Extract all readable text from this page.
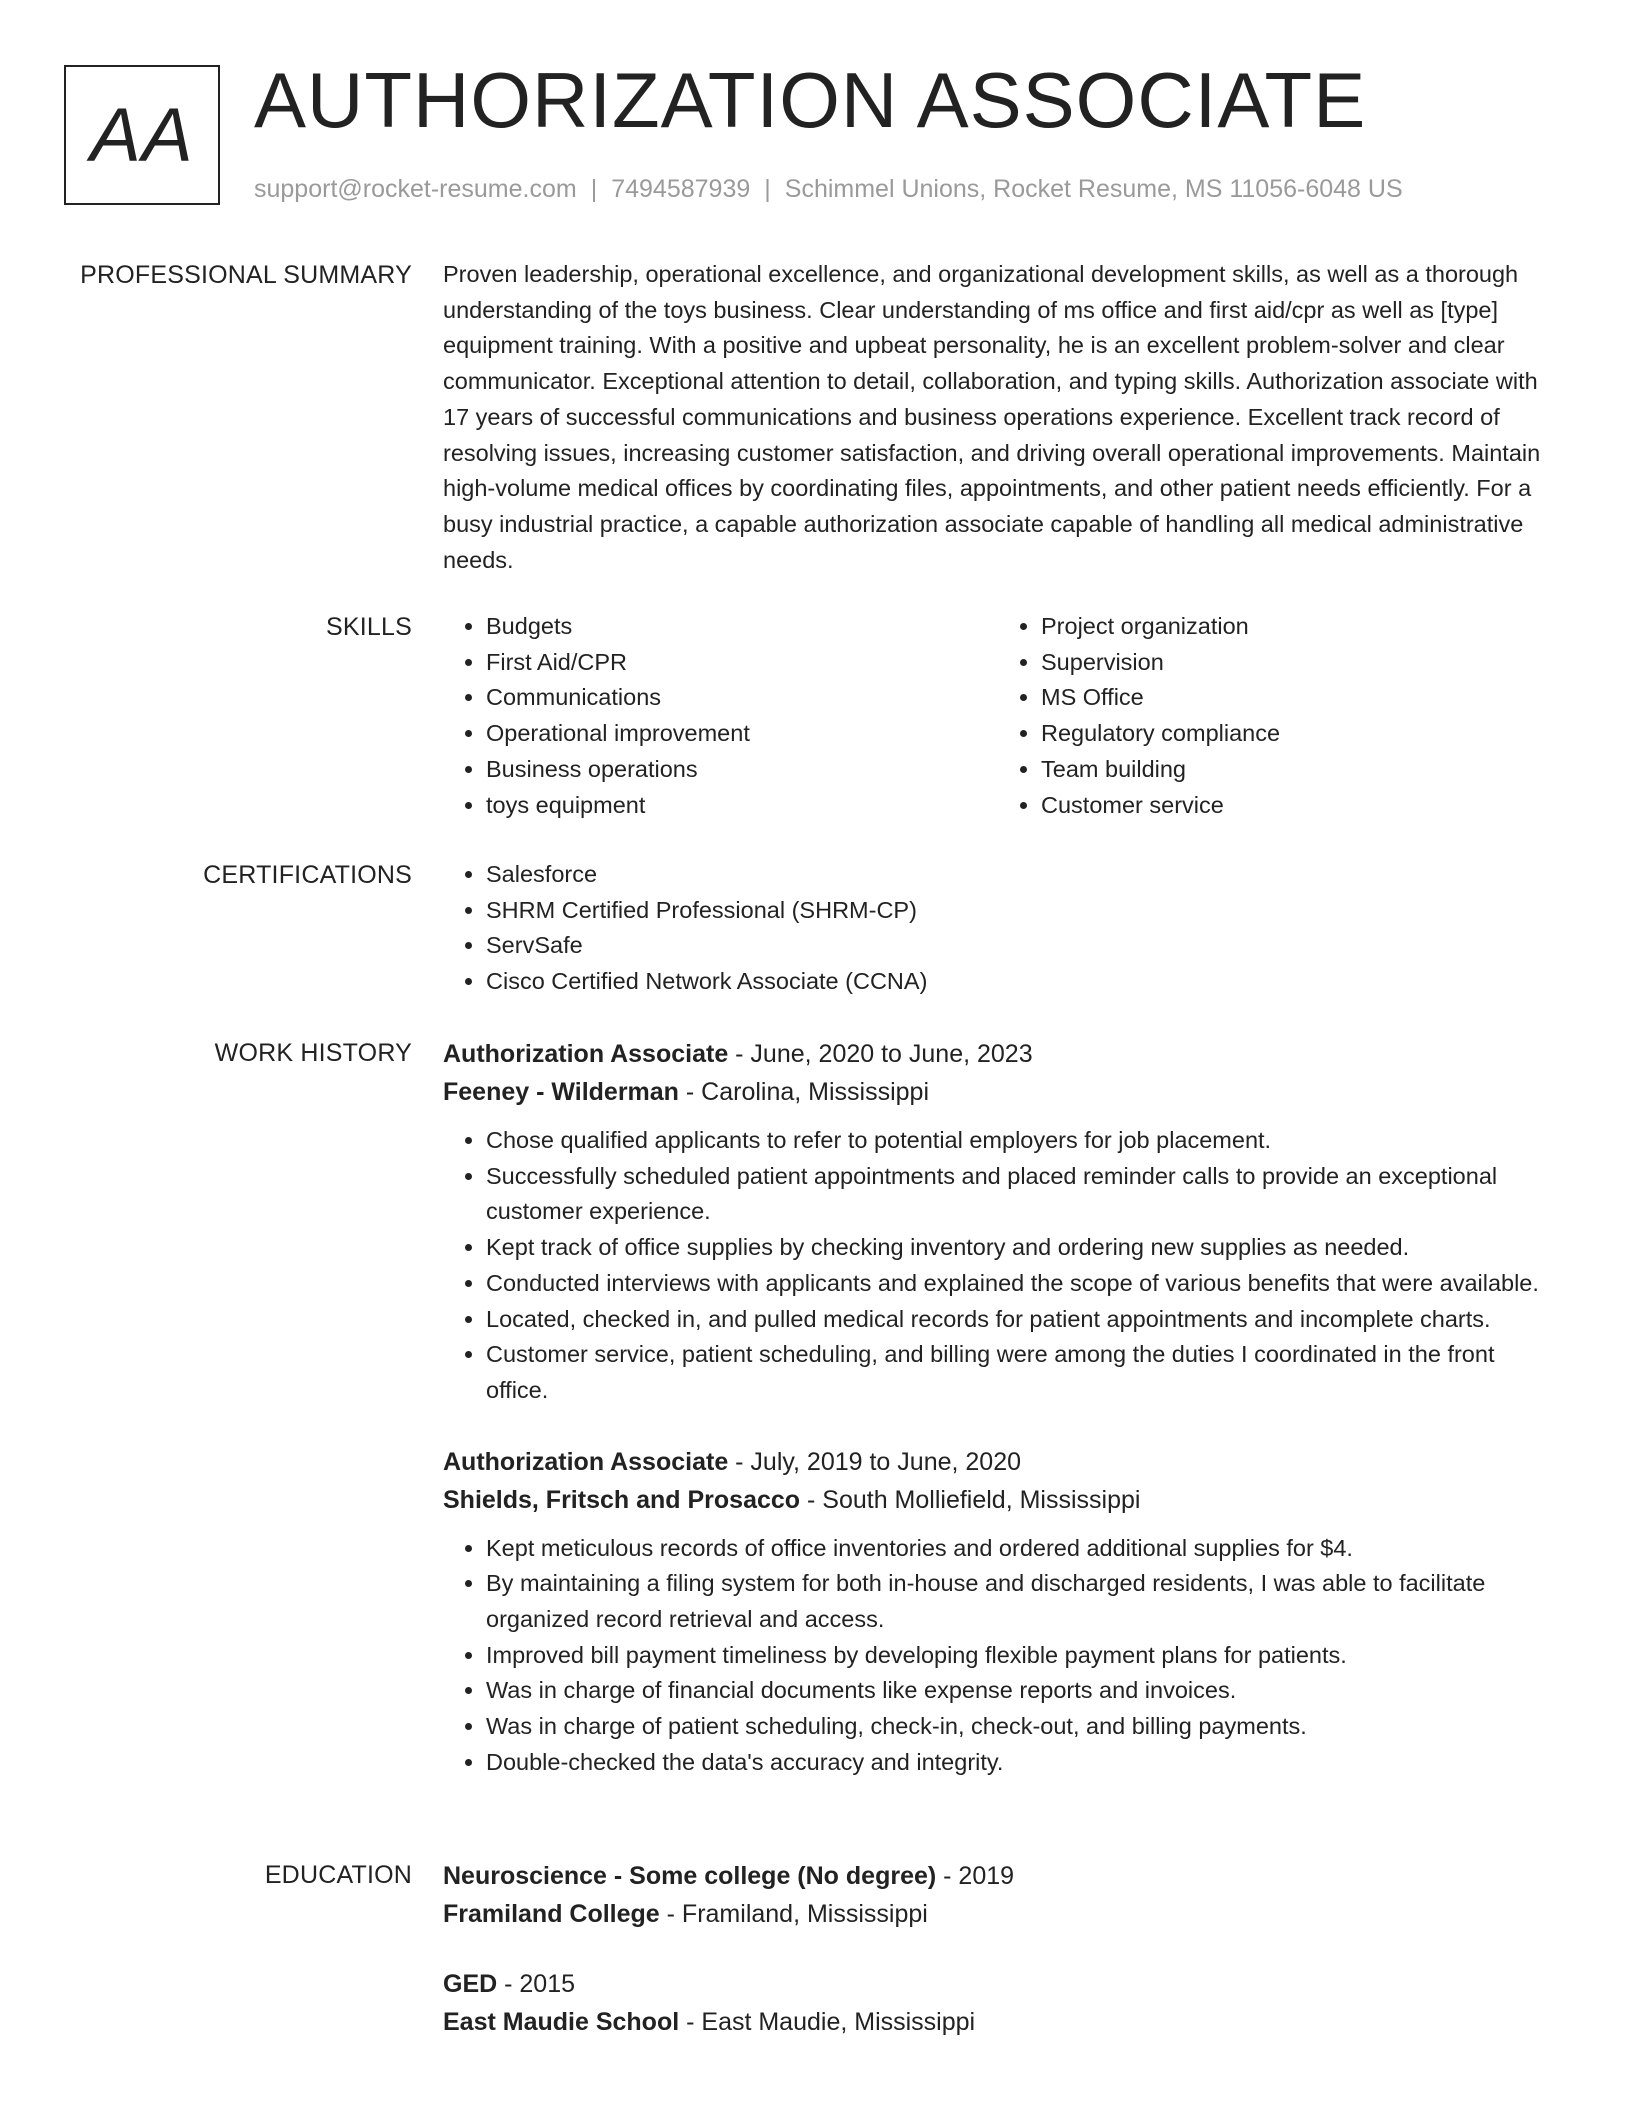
AA AUTHORIZATION ASSOCIATE
support@rocket-resume.com | 7494587939 | Schimmel Unions, Rocket Resume, MS 11056-6048 US
PROFESSIONAL SUMMARY Proven leadership, operational excellence, and organizational development skills, as well as a thorough understanding of the toys business. Clear understanding of ms office and first aid/cpr as well as [type] equipment training. With a positive and upbeat personality, he is an excellent problem-solver and clear communicator. Exceptional attention to detail, collaboration, and typing skills. Authorization associate with 17 years of successful communications and business operations experience. Excellent track record of resolving issues, increasing customer satisfaction, and driving overall operational improvements. Maintain high-volume medical offices by coordinating files, appointments, and other patient needs efficiently. For a busy industrial practice, a capable authorization associate capable of handling all medical administrative needs.

SKILLS	• Budgets
• First Aid/CPR
• Communications
• Operational improvement
• Business operations
• toys equipment
• Project organization
• Supervision
• MS Office
• Regulatory compliance
• Team building
• Customer service
CERTIFICATIONS	• Salesforce
• SHRM Certified Professional (SHRM-CP)
• ServSafe
• Cisco Certified Network Associate (CCNA)
WORK HISTORY Authorization Associate - June, 2020 to June, 2023
Feeney - Wilderman - Carolina, Mississippi
• Chose qualified applicants to refer to potential employers for job placement.
• Successfully scheduled patient appointments and placed reminder calls to provide an exceptional customer experience.
• Kept track of office supplies by checking inventory and ordering new supplies as needed.
• Conducted interviews with applicants and explained the scope of various benefits that were available.
• Located, checked in, and pulled medical records for patient appointments and incomplete charts.
• Customer service, patient scheduling, and billing were among the duties I coordinated in the front office.
Authorization Associate - July, 2019 to June, 2020
Shields, Fritsch and Prosacco - South Molliefield, Mississippi
• Kept meticulous records of office inventories and ordered additional supplies for $4.
• By maintaining a filing system for both in-house and discharged residents, I was able to facilitate organized record retrieval and access.
• Improved bill payment timeliness by developing flexible payment plans for patients.
• Was in charge of financial documents like expense reports and invoices.
• Was in charge of patient scheduling, check-in, check-out, and billing payments.
• Double-checked the data's accuracy and integrity.
EDUCATION Neuroscience - Some college (No degree) - 2019
Framiland College - Framiland, Mississippi
GED - 2015
East Maudie School - East Maudie, Mississippi
